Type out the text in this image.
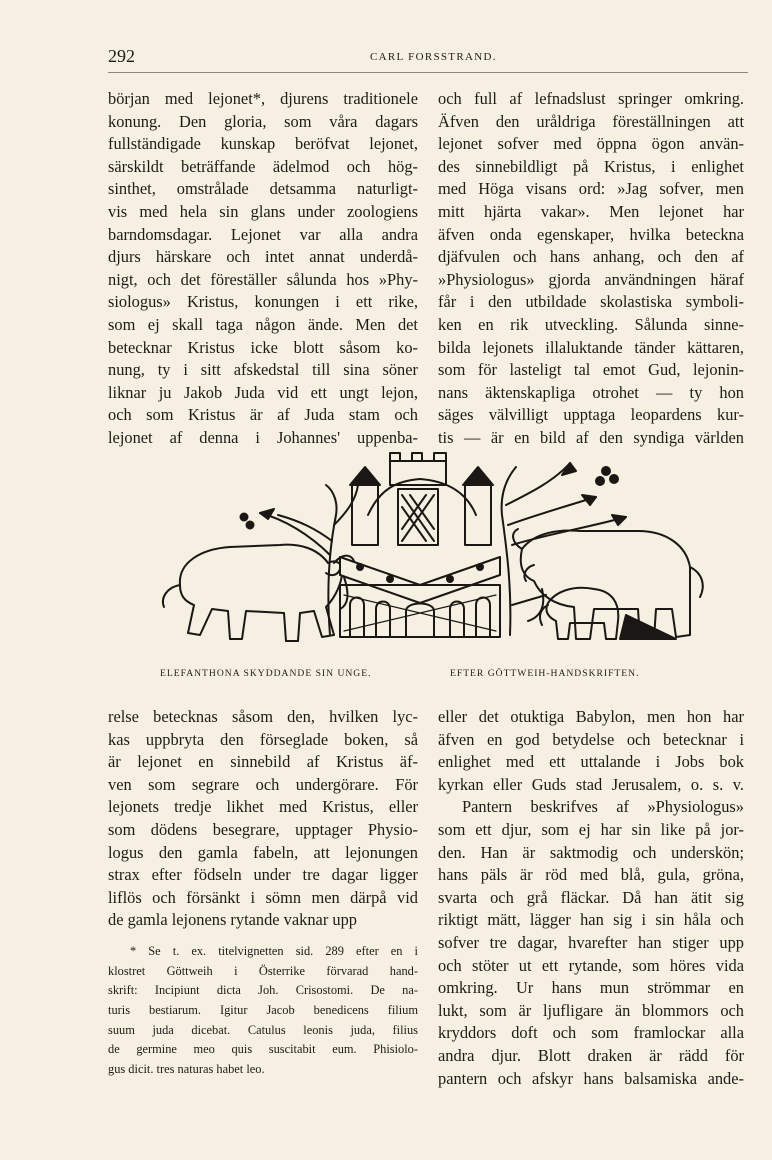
292	CARL FORSSTRAND.
början med lejonet*, djurens traditionele
konung. Den gloria, som våra dagars
fullständigade kunskap beröfvat lejonet,
särskildt beträffande ädelmod och hög-
sinthet, omstrålade detsamma naturligt-
vis med hela sin glans under zoologiens
barndomsdagar. Lejonet var alla andra
djurs härskare och intet annat underdå-
nigt, och det föreställer sålunda hos »Phy-
siologus» Kristus, konungen i ett rike,
som ej skall taga någon ände. Men det
betecknar Kristus icke blott såsom ko-
nung, ty i sitt afskedstal till sina söner
liknar ju Jakob Juda vid ett ungt lejon,
och som Kristus är af Juda stam och
lejonet af denna i Johannes' uppenba-
och full af lefnadslust springer omkring.
Äfven den uråldriga föreställningen att
lejonet sofver med öppna ögon använ-
des sinnebildligt på Kristus, i enlighet
med Höga visans ord: »Jag sofver, men
mitt hjärta vakar». Men lejonet har
äfven onda egenskaper, hvilka beteckna
djäfvulen och hans anhang, och den af
»Physiologus» gjorda användningen häraf
får i den utbildade skolastiska symboli-
ken en rik utveckling. Sålunda sinne-
bilda lejonets illaluktande tänder kättaren,
som för lasteligt tal emot Gud, lejonin-
nans äktenskapliga otrohet — ty hon
säges välvilligt upptaga leopardens kur-
tis — är en bild af den syndiga världen
ELEFANTHONA SKYDDANDE SIN UNGE.	EFTER GÖTTWEIH-HANDSKRIFTEN.
relse betecknas såsom den, hvilken lyc-
kas uppbryta den förseglade boken, så
är lejonet en sinnebild af Kristus äf-
ven som segrare och undergörare. För
lejonets tredje likhet med Kristus, eller
som dödens besegrare, upptager Physio-
logus den gamla fabeln, att lejonungen
strax efter födseln under tre dagar ligger
liflös och försänkt i sömn men därpå vid
de gamla lejonens rytande vaknar upp
* Se t. ex. titelvignetten sid. 289 efter en i
klostret Göttweih i Österrike förvarad hand-
skrift: Incipiunt dicta Joh. Crisostomi. De na-
turis bestiarum. Igitur Jacob benedicens filium
suum juda dicebat. Catulus leonis juda, filius
de germine meo quis suscitabit eum. Phisiolo-
gus dicit. tres naturas habet leo.
eller det otuktiga Babylon, men hon har
äfven en god betydelse och betecknar i
enlighet med ett uttalande i Jobs bok
kyrkan eller Guds stad Jerusalem, o. s. v.
Pantern beskrifves af »Physiologus»
som ett djur, som ej har sin like på jor-
den. Han är saktmodig och underskön;
hans päls är röd med blå, gula, gröna,
svarta och grå fläckar. Då han ätit sig
riktigt mätt, lägger han sig i sin håla och
sofver tre dagar, hvarefter han stiger upp
och stöter ut ett rytande, som höres vida
omkring. Ur hans mun strömmar en
lukt, som är ljufligare än blommors och
kryddors doft och som framlockar alla
andra djur. Blott draken är rädd för
pantern och afskyr hans balsamiska ande-
